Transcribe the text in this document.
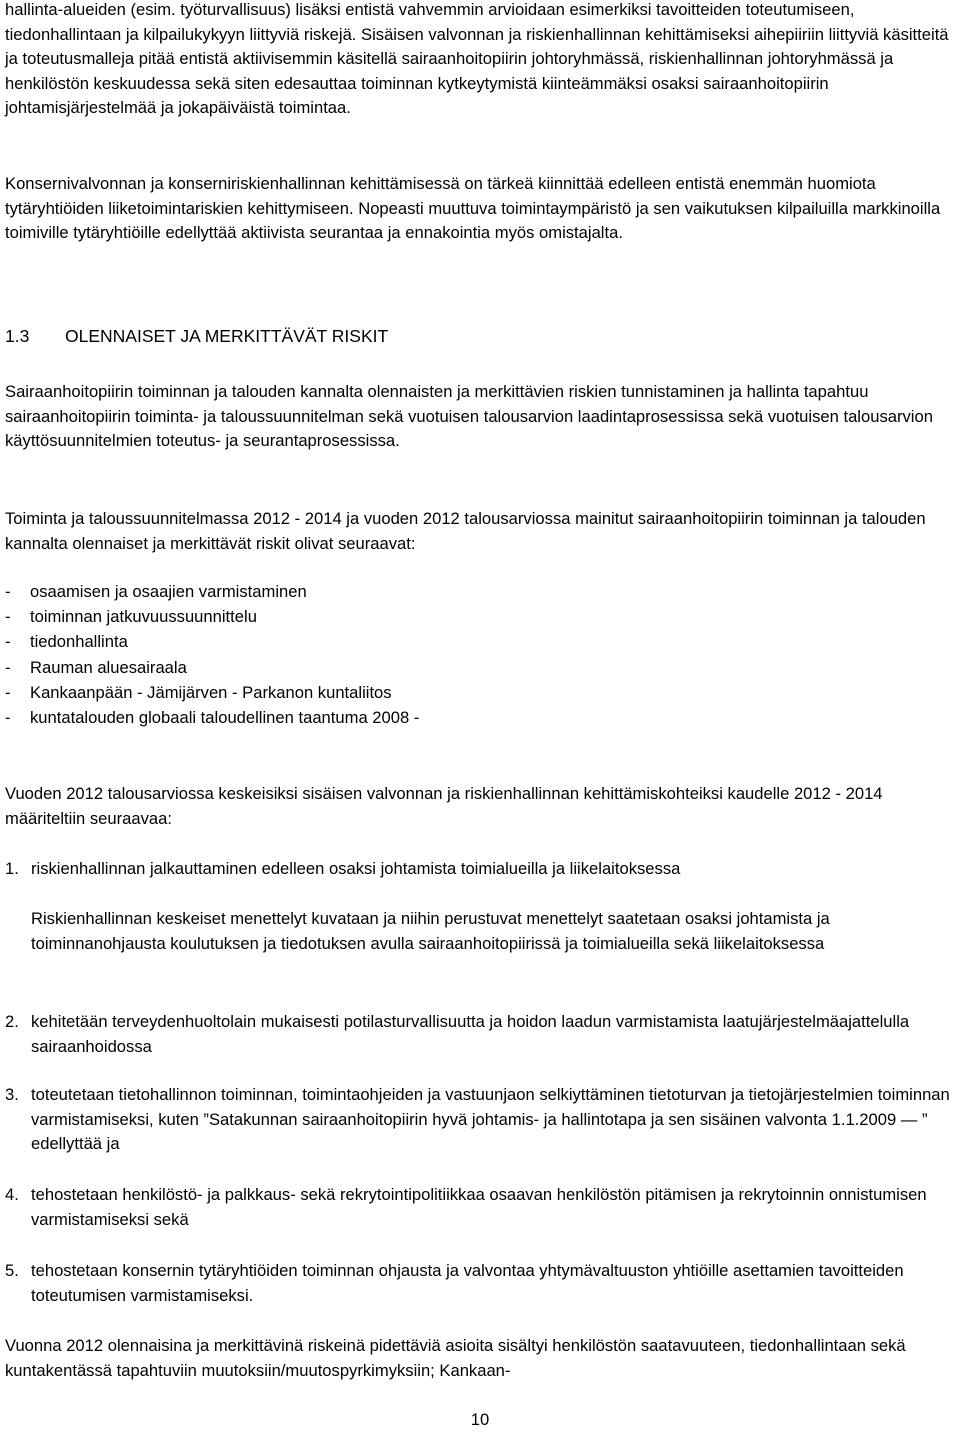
hallinta-alueiden (esim. työturvallisuus) lisäksi entistä vahvemmin arvioidaan esimerkiksi tavoitteiden toteutumiseen, tiedonhallintaan ja kilpailukykyyn liittyviä riskejä. Sisäisen valvonnan ja riskienhallinnan kehittämiseksi aihepiiriin liittyviä käsitteitä ja toteutusmalleja pitää entistä aktiivisemmin käsitellä sairaanhoitopiirin johtoryhmässä, riskienhallinnan johtoryhmässä ja henkilöstön keskuudessa sekä siten edesauttaa toiminnan kytkeytymistä kiinteämmäksi osaksi sairaanhoitopiirin johtamisjärjestelmää ja jokapäiväistä toimintaa.

Konsernivalvonnan ja konserniriskienhallinnan kehittämisessä on tärkeä kiinnittää edelleen entistä enemmän huomiota tytäryhtiöiden liiketoimintariskien kehittymiseen. Nopeasti muuttuva toimintaympäristö ja sen vaikutuksen kilpailuilla markkinoilla toimiville tytäryhtiöille edellyttää aktiivista seurantaa ja ennakointia myös omistajalta.

1.3 OLENNAISET JA MERKITTÄVÄT RISKIT

Sairaanhoitopiirin toiminnan ja talouden kannalta olennaisten ja merkittävien riskien tunnistaminen ja hallinta tapahtuu sairaanhoitopiirin toiminta- ja taloussuunnitelman sekä vuotuisen talousarvion laadintaprosessissa sekä vuotuisen talousarvion käyttösuunnitelmien toteutus- ja seurantaprosessissa.

Toiminta ja taloussuunnitelmassa 2012 - 2014 ja vuoden 2012 talousarviossa mainitut sairaanhoitopiirin toiminnan ja talouden kannalta olennaiset ja merkittävät riskit olivat seuraavat:

- osaamisen ja osaajien varmistaminen
- toiminnan jatkuvuussuunnittelu
- tiedonhallinta
- Rauman aluesairaala
- Kankaanpään - Jämijärven - Parkanon kuntaliitos
- kuntatalouden globaali taloudellinen taantuma 2008 -

Vuoden 2012 talousarviossa keskeisiksi sisäisen valvonnan ja riskienhallinnan kehittämiskohteiksi kaudelle 2012 - 2014 määriteltiin seuraavaa:

1. riskienhallinnan jalkauttaminen edelleen osaksi johtamista toimialueilla ja liikelaitoksessa

Riskienhallinnan keskeiset menettelyt kuvataan ja niihin perustuvat menettelyt saatetaan osaksi johtamista ja toiminnanohjausta koulutuksen ja tiedotuksen avulla sairaanhoitopiirissä ja toimialueilla sekä liikelaitoksessa

2. kehitetään terveydenhuoltolain mukaisesti potilasturvallisuutta ja hoidon laadun varmistamista laatujärjestelmäajattelulla sairaanhoidossa

3. toteutetaan tietohallinnon toiminnan, toimintaohjeiden ja vastuunjaon selkiyttäminen tietoturvan ja tietojärjestelmien toiminnan varmistamiseksi, kuten ”Satakunnan sairaanhoitopiirin hyvä johtamis- ja hallintotapa ja sen sisäinen valvonta 1.1.2009 — ” edellyttää ja

4. tehostetaan henkilöstö- ja palkkaus- sekä rekrytointipolitiikkaa osaavan henkilöstön pitämisen ja rekrytoinnin onnistumisen varmistamiseksi sekä

5. tehostetaan konsernin tytäryhtiöiden toiminnan ohjausta ja valvontaa yhtymävaltuuston yhtiöille asettamien tavoitteiden toteutumisen varmistamiseksi.

Vuonna 2012 olennaisina ja merkittävinä riskeinä pidettäviä asioita sisältyi henkilöstön saatavuuteen, tiedonhallintaan sekä kuntakentässä tapahtuviin muutoksiin/muutospyrkimyksiin; Kankaan-

10
